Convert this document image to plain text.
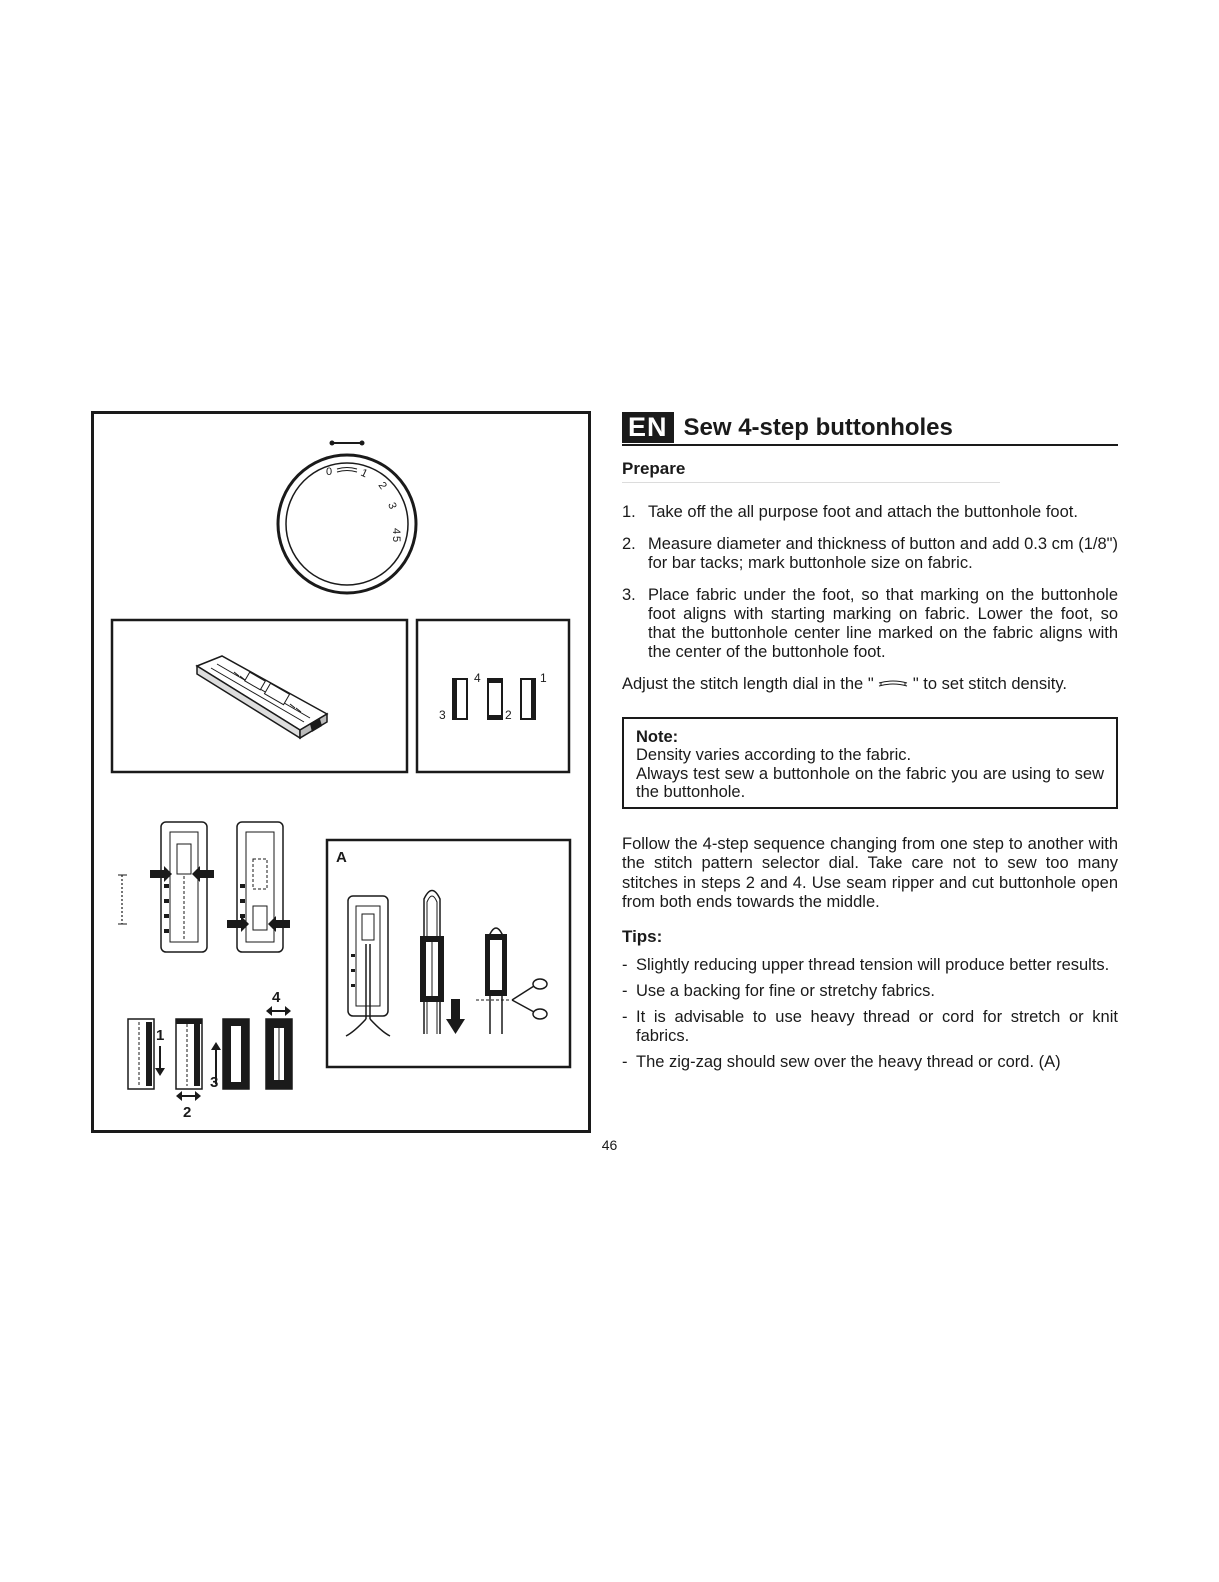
0 1
2
3
4
5
4	1
3	2
1
2
3
4
A
EN Sew 4-step buttonholes
Prepare
1. Take off the all purpose foot and attach the buttonhole foot.
2. Measure diameter and thickness of button and add 0.3 cm (1/8") for bar tacks; mark buttonhole size on fabric.
3. Place fabric under the foot, so that marking on the buttonhole foot aligns with starting marking on fabric. Lower the foot, so that the buttonhole center line marked on the fabric aligns with the center of the buttonhole foot.
Adjust the stitch length dial in the "  " to set stitch density.
Note:
Density varies according to the fabric.
Always test sew a buttonhole on the fabric you are using to sew the buttonhole.
Follow the 4-step sequence changing from one step to another with the stitch pattern selector dial. Take care not to sew too many stitches in steps 2 and 4. Use seam ripper and cut buttonhole open from both ends towards the middle.
Tips:
- Slightly reducing upper thread tension will produce better results.
- Use a backing for fine or stretchy fabrics.
- It is advisable to use heavy thread or cord for stretch or knit fabrics.
- The zig-zag should sew over the heavy thread or cord. (A)
46
